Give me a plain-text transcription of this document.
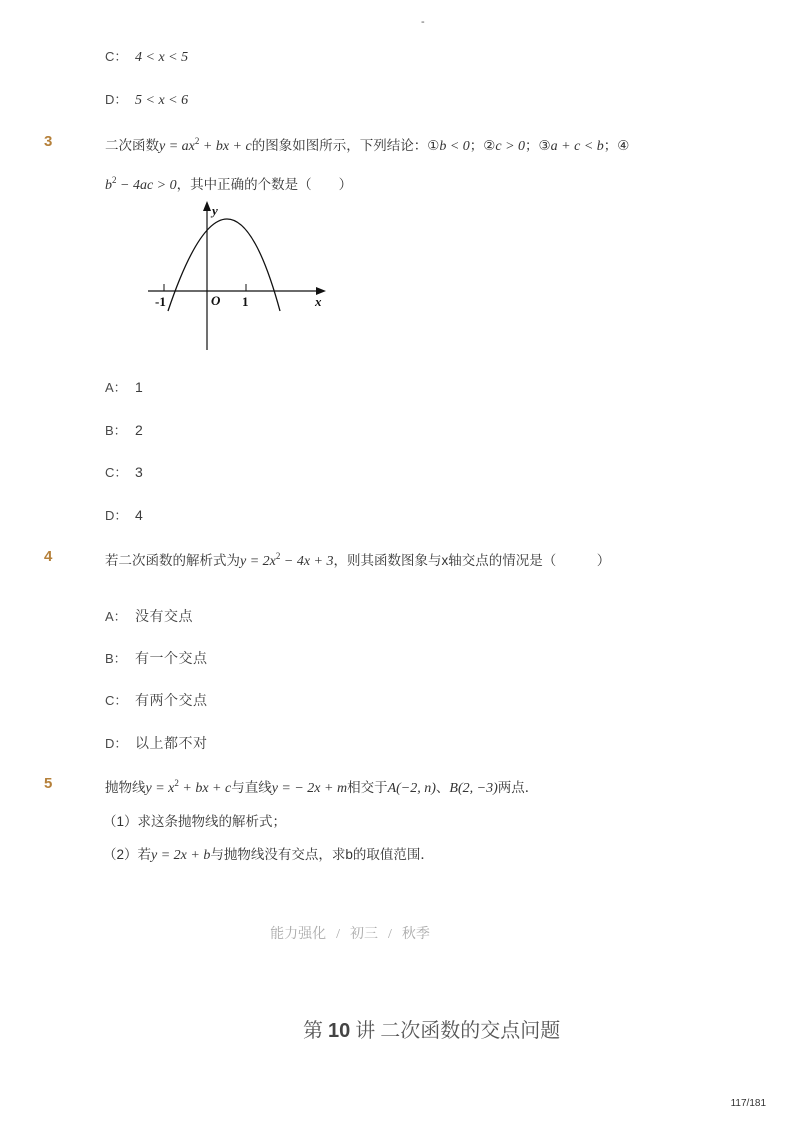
-
C： 4 < x < 5
D： 5 < x < 6
3	二次函数$y = ax^2$ + bx + c的图象如图所示，下列结论：①b < 0；②c > 0；③a + c < b；④
$b^2 - 4ac > 0$，其中正确的个数是（　　）
y
x
O
-1	1
A： 1
B： 2
C： 3
D： 4
4	若二次函数的解析式为$y = 2x^2 - 4x + 3$，则其函数图象与x轴交点的情况是（　　　）
A： 没有交点
B： 有一个交点
C： 有两个交点
D： 以上都不对
5	抛物线$y = x^2$ + bx + c与直线y = − 2x + m相交于A(−2, n)、B(2, −3)两点．
（1）求这条抛物线的解析式；
（2）若y = 2x + b与抛物线没有交点，求b的取值范围．
能力强化 / 初三 / 秋季
第 10 讲 二次函数的交点问题
117/181
